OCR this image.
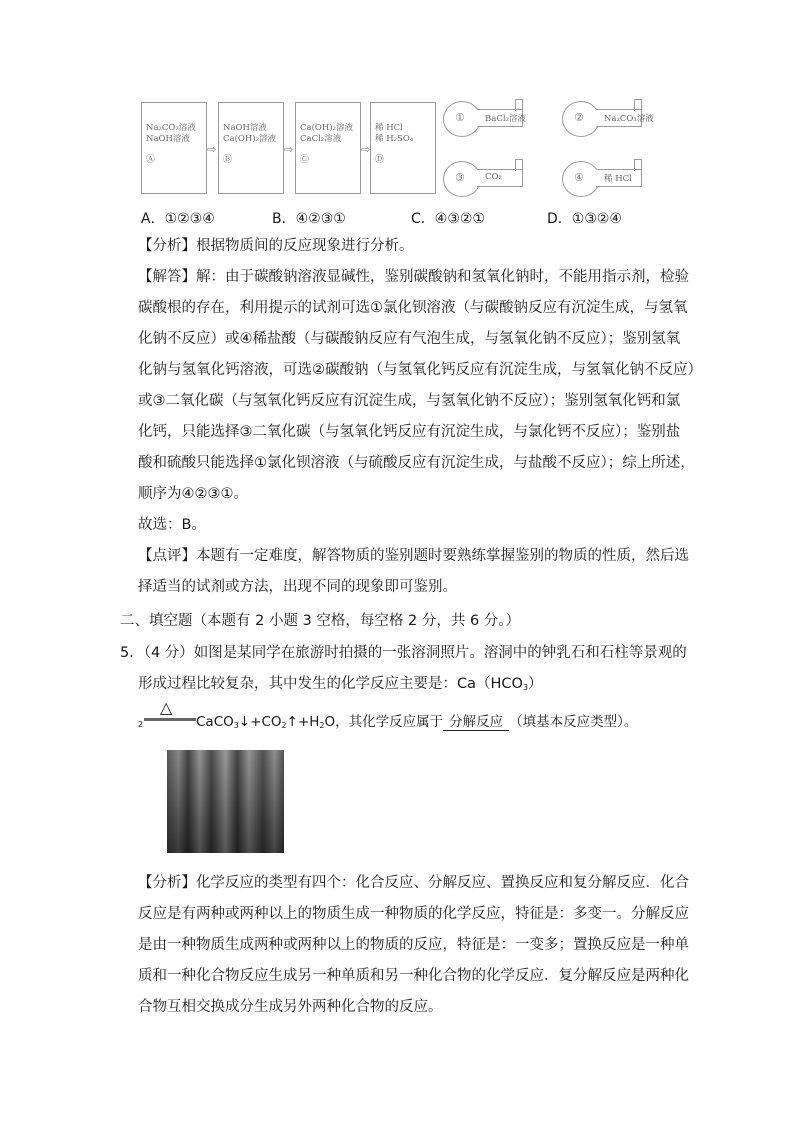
Na₂CO₃溶液
NaOH溶液
Ⓐ
⇨
NaOH溶液
Ca(OH)₂溶液
Ⓑ
⇨
Ca(OH)₂溶液
CaCl₂溶液
Ⓒ
⇨
稀 HCl
稀 H₂SO₄
Ⓓ
① BaCl₂溶液	② Na₂CO₃溶液
③ CO₂	④ 稀 HCl
A．①②③④	B．④②③①	C．④③②①	D．①③②④
【分析】根据物质间的反应现象进行分析。
【解答】解：由于碳酸钠溶液显碱性，鉴别碳酸钠和氢氧化钠时，不能用指示剂，检验
碳酸根的存在，利用提示的试剂可选①氯化钡溶液（与碳酸钠反应有沉淀生成，与氢氧
化钠不反应）或④稀盐酸（与碳酸钠反应有气泡生成，与氢氧化钠不反应）；鉴别氢氧
化钠与氢氧化钙溶液，可选②碳酸钠（与氢氧化钙反应有沉淀生成，与氢氧化钠不反应）
或③二氧化碳（与氢氧化钙反应有沉淀生成，与氢氧化钠不反应）；鉴别氢氧化钙和氯
化钙，只能选择③二氧化碳（与氢氧化钙反应有沉淀生成，与氯化钙不反应）；鉴别盐
酸和硫酸只能选择①氯化钡溶液（与硫酸反应有沉淀生成，与盐酸不反应）；综上所述，
顺序为④②③①。
故选：B。
【点评】本题有一定难度，解答物质的鉴别题时要熟练掌握鉴别的物质的性质，然后选
择适当的试剂或方法，出现不同的现象即可鉴别。
二、填空题（本题有 2 小题 3 空格，每空格 2 分，共 6 分。）
5．（4 分）如图是某同学在旅游时拍摄的一张溶洞照片。溶洞中的钟乳石和石柱等景观的
形成过程比较复杂，其中发生的化学反应主要是：$Ca(HCO_3)$
2
△
$CaCO_3↓+CO_2↑+H_2O$，其化学反应属于 分解反应 （填基本反应类型）。
【分析】化学反应的类型有四个：化合反应、分解反应、置换反应和复分解反应．化合
反应是有两种或两种以上的物质生成一种物质的化学反应，特征是：多变一。分解反应
是由一种物质生成两种或两种以上的物质的反应，特征是：一变多；置换反应是一种单
质和一种化合物反应生成另一种单质和另一种化合物的化学反应．复分解反应是两种化
合物互相交换成分生成另外两种化合物的反应。
